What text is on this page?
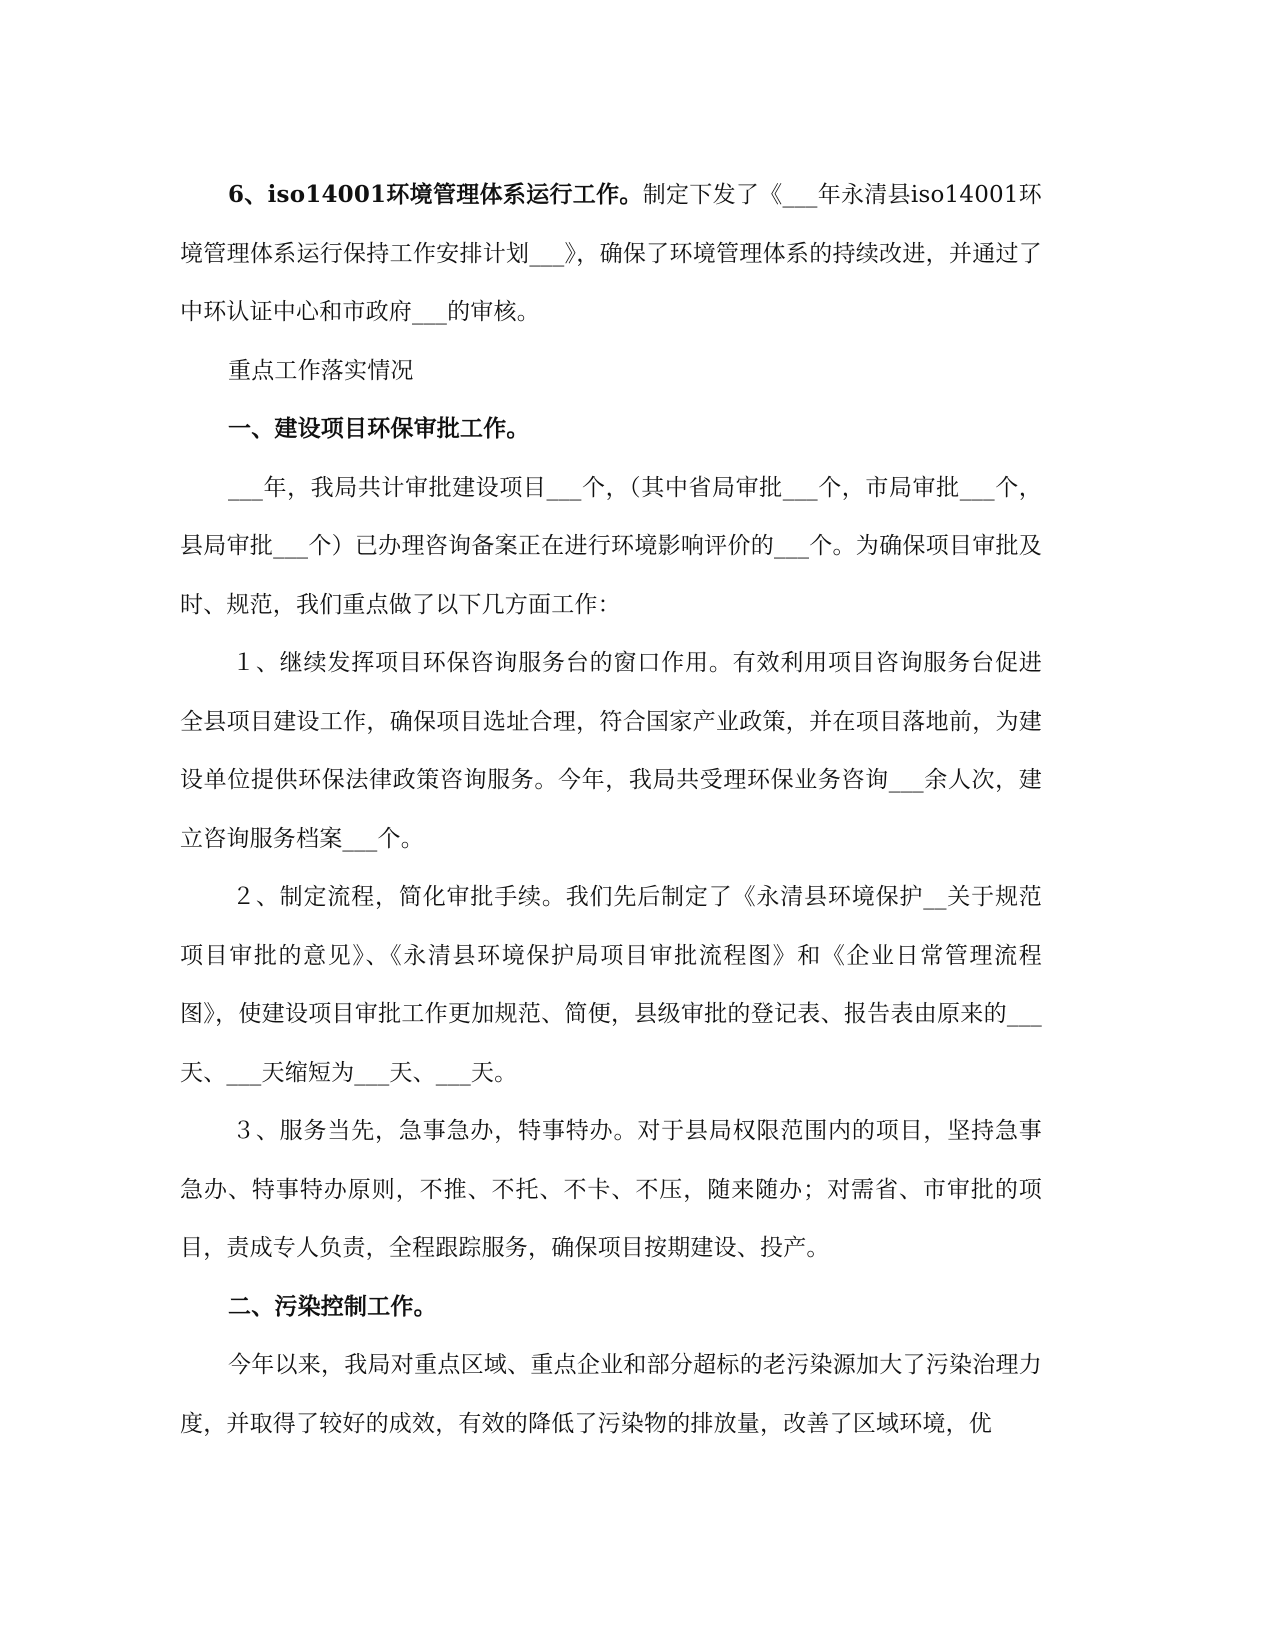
6、iso14001环境管理体系运行工作。制定下发了《___年永清县iso14001环境管理体系运行保持工作安排计划___》，确保了环境管理体系的持续改进，并通过了中环认证中心和市政府___的审核。

重点工作落实情况

一、建设项目环保审批工作。

___年，我局共计审批建设项目___个，（其中省局审批___个，市局审批___个，县局审批___个）已办理咨询备案正在进行环境影响评价的___个。为确保项目审批及时、规范，我们重点做了以下几方面工作：

１、继续发挥项目环保咨询服务台的窗口作用。有效利用项目咨询服务台促进全县项目建设工作，确保项目选址合理，符合国家产业政策，并在项目落地前，为建设单位提供环保法律政策咨询服务。今年，我局共受理环保业务咨询___余人次，建立咨询服务档案___个。

２、制定流程，简化审批手续。我们先后制定了《永清县环境保护__关于规范项目审批的意见》、《永清县环境保护局项目审批流程图》和《企业日常管理流程图》，使建设项目审批工作更加规范、简便，县级审批的登记表、报告表由原来的___天、___天缩短为___天、___天。

３、服务当先，急事急办，特事特办。对于县局权限范围内的项目，坚持急事急办、特事特办原则，不推、不托、不卡、不压，随来随办；对需省、市审批的项目，责成专人负责，全程跟踪服务，确保项目按期建设、投产。

二、污染控制工作。

今年以来，我局对重点区域、重点企业和部分超标的老污染源加大了污染治理力度，并取得了较好的成效，有效的降低了污染物的排放量，改善了区域环境，优
